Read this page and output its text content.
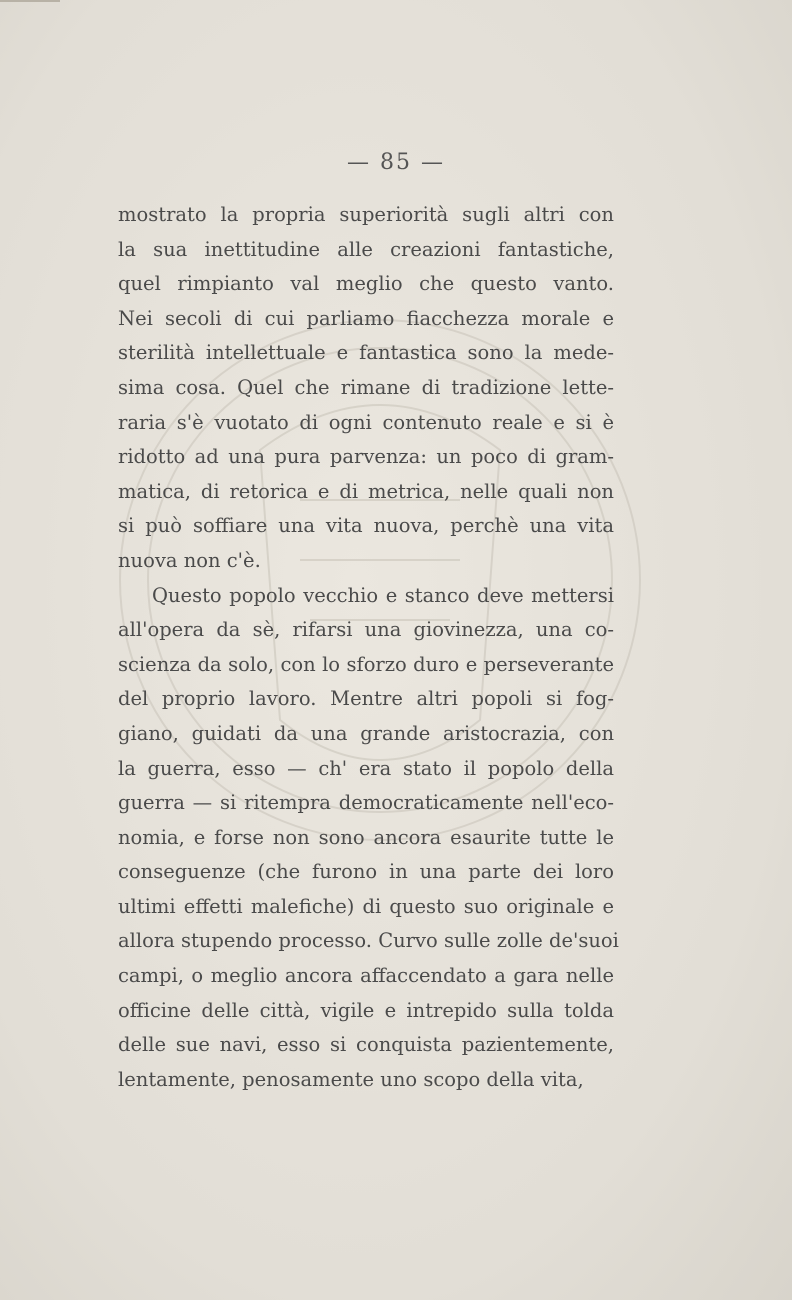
— 85 —
mostrato la propria superiorità sugli altri con
la sua inettitudine alle creazioni fantastiche,
quel rimpianto val meglio che questo vanto.
Nei secoli di cui parliamo fiacchezza morale e
sterilità intellettuale e fantastica sono la mede-
sima cosa. Quel che rimane di tradizione lette-
raria s'è vuotato di ogni contenuto reale e si è
ridotto ad una pura parvenza: un poco di gram-
matica, di retorica e di metrica, nelle quali non
si può soffiare una vita nuova, perchè una vita
nuova non c'è.
Questo popolo vecchio e stanco deve mettersi
all'opera da sè, rifarsi una giovinezza, una co-
scienza da solo, con lo sforzo duro e perseverante
del proprio lavoro. Mentre altri popoli si fog-
giano, guidati da una grande aristocrazia, con
la guerra, esso — ch' era stato il popolo della
guerra — si ritempra democraticamente nell'eco-
nomia, e forse non sono ancora esaurite tutte le
conseguenze (che furono in una parte dei loro
ultimi effetti malefiche) di questo suo originale e
allora stupendo processo. Curvo sulle zolle de'suoi
campi, o meglio ancora affaccendato a gara nelle
officine delle città, vigile e intrepido sulla tolda
delle sue navi, esso si conquista pazientemente,
lentamente, penosamente uno scopo della vita,
